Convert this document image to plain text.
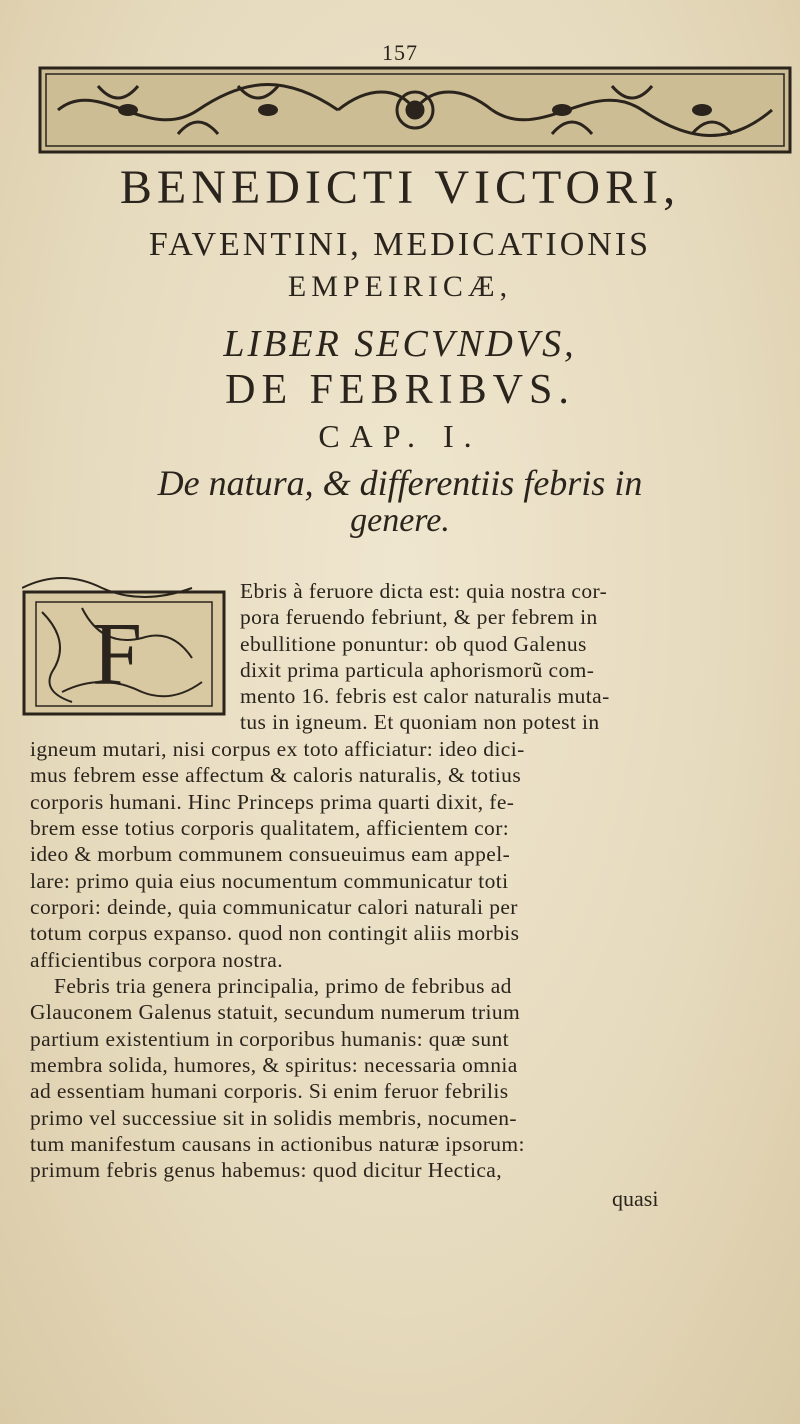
157
BENEDICTI VICTORI,
FAVENTINI, MEDICATIONIS
EMPEIRICÆ,
LIBER SECVNDVS,
DE FEBRIBVS.
CAP. I.
De natura, & differentiis febris in
genere.
F
Ebris à feruore dicta est: quia nostra cor-
pora feruendo febriunt, & per febrem in
ebullitione ponuntur: ob quod Galenus
dixit prima particula aphorismorũ com-
mento 16. febris est calor naturalis muta-
tus in igneum. Et quoniam non potest in
igneum mutari, nisi corpus ex toto afficiatur: ideo dici-
mus febrem esse affectum & caloris naturalis, & totius
corporis humani. Hinc Princeps prima quarti dixit, fe-
brem esse totius corporis qualitatem, afficientem cor:
ideo & morbum communem consueuimus eam appel-
lare: primo quia eius nocumentum communicatur toti
corpori: deinde, quia communicatur calori naturali per
totum corpus expanso. quod non contingit aliis morbis
afficientibus corpora nostra.
Febris tria genera principalia, primo de febribus ad
Glauconem Galenus statuit, secundum numerum trium
partium existentium in corporibus humanis: quæ sunt
membra solida, humores, & spiritus: necessaria omnia
ad essentiam humani corporis. Si enim feruor febrilis
primo vel successiue sit in solidis membris, nocumen-
tum manifestum causans in actionibus naturæ ipsorum:
primum febris genus habemus: quod dicitur Hectica,
quasi
